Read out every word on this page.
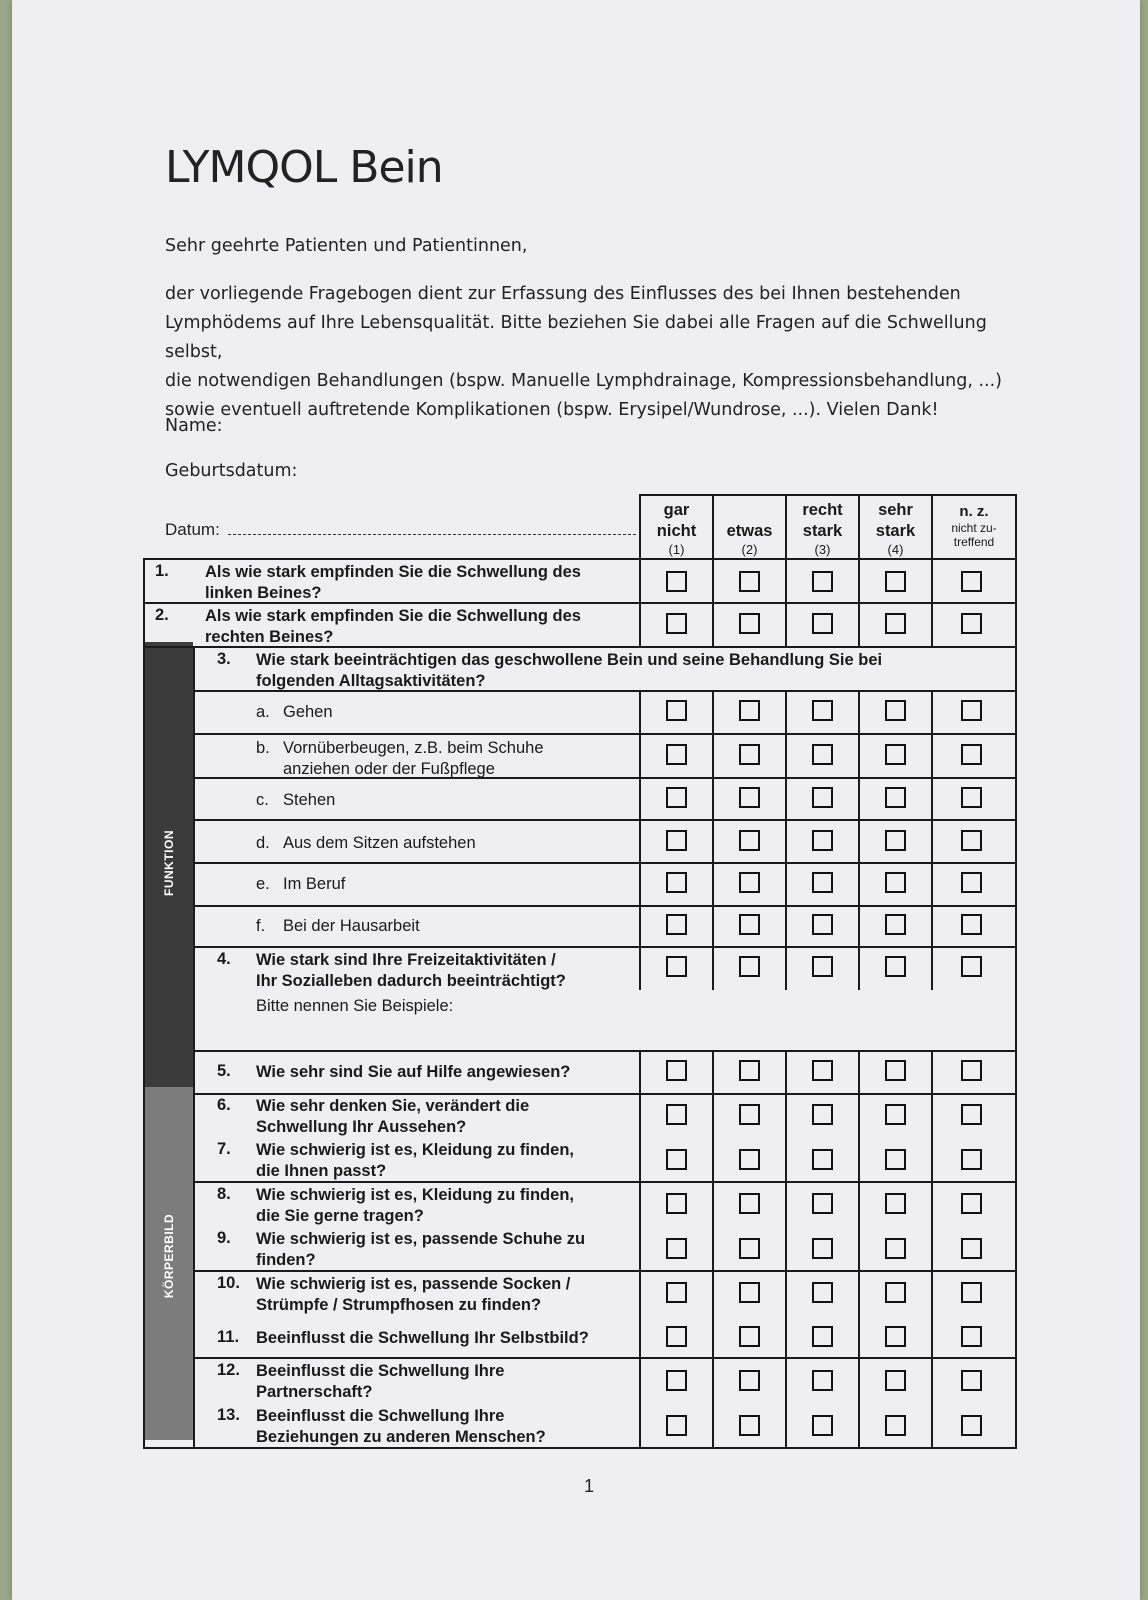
LYMQOL Bein
Sehr geehrte Patienten und Patientinnen,
der vorliegende Fragebogen dient zur Erfassung des Einflusses des bei Ihnen bestehenden
Lymphödems auf Ihre Lebensqualität. Bitte beziehen Sie dabei alle Fragen auf die Schwellung selbst,
die notwendigen Behandlungen (bspw. Manuelle Lymphdrainage, Kompressionsbehandlung, ...)
sowie eventuell auftretende Komplikationen (bspw. Erysipel/Wundrose, ...). Vielen Dank!
Name:
Geburtsdatum:
Datum:
FUNKTION
KÖRPERBILD
gar
nicht
(1)
etwas
(2)
recht
stark
(3)
sehr
stark
(4)
n. z.
nicht zu-
treffend
1. Als wie stark empfinden Sie die Schwellung des
linken Beines?
2. Als wie stark empfinden Sie die Schwellung des
rechten Beines?
3. Wie stark beeinträchtigen das geschwollene Bein und seine Behandlung Sie bei
folgenden Alltagsaktivitäten?
a. Gehen
b. Vornüberbeugen, z.B. beim Schuhe
anziehen oder der Fußpflege
c. Stehen
d. Aus dem Sitzen aufstehen
e. Im Beruf
f. Bei der Hausarbeit
4. Wie stark sind Ihre Freizeitaktivitäten /
Ihr Sozialleben dadurch beeinträchtigt?
Bitte nennen Sie Beispiele:
5. Wie sehr sind Sie auf Hilfe angewiesen?
6. Wie sehr denken Sie, verändert die
Schwellung Ihr Aussehen?
7. Wie schwierig ist es, Kleidung zu finden,
die Ihnen passt?
8. Wie schwierig ist es, Kleidung zu finden,
die Sie gerne tragen?
9. Wie schwierig ist es, passende Schuhe zu
finden?
10. Wie schwierig ist es, passende Socken /
Strümpfe / Strumpfhosen zu finden?
11. Beeinflusst die Schwellung Ihr Selbstbild?
12. Beeinflusst die Schwellung Ihre
Partnerschaft?
13. Beeinflusst die Schwellung Ihre
Beziehungen zu anderen Menschen?
1
